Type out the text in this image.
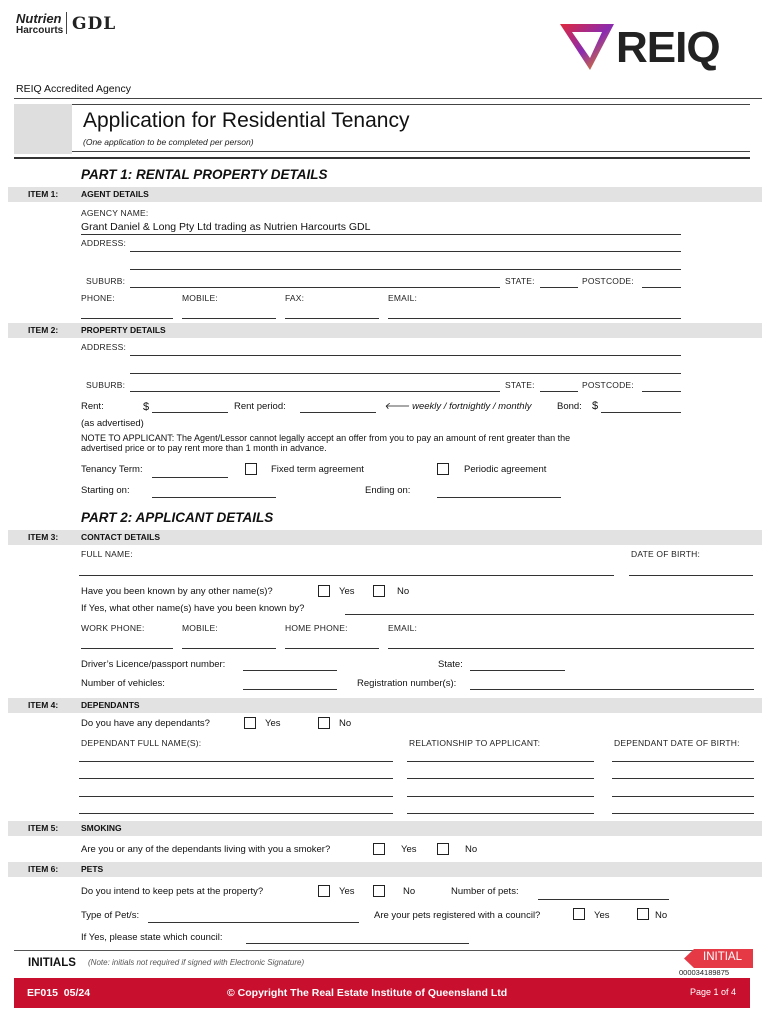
Nutrien
Harcourts GDL	REIQ
REIQ Accredited Agency
Application for Residential Tenancy
(One application to be completed per person)
PART 1: RENTAL PROPERTY DETAILS
ITEM 1:	AGENT DETAILS
AGENCY NAME:
Grant Daniel & Long Pty Ltd trading as Nutrien Harcourts GDL
ADDRESS:
SUBURB:	STATE:	POSTCODE:
PHONE:	MOBILE:	FAX:	EMAIL:
ITEM 2:	PROPERTY DETAILS
ADDRESS:
SUBURB:	STATE:	POSTCODE:
Rent:	$	Rent period:	🡐 weekly / fortnightly / monthly	Bond: $
(as advertised)
NOTE TO APPLICANT: The Agent/Lessor cannot legally accept an offer from you to pay an amount of rent greater than the
advertised price or to pay rent more than 1 month in advance.
Tenancy Term:	Fixed term agreement	Periodic agreement
Starting on:	Ending on:
PART 2: APPLICANT DETAILS
ITEM 3:	CONTACT DETAILS
FULL NAME:	DATE OF BIRTH:
Have you been known by any other name(s)?	Yes	No
If Yes, what other name(s) have you been known by?
WORK PHONE:	MOBILE:	HOME PHONE:	EMAIL:
Driver’s Licence/passport number:	State:
Number of vehicles:	Registration number(s):
ITEM 4:	DEPENDANTS
Do you have any dependants?	Yes	No
DEPENDANT FULL NAME(S):	RELATIONSHIP TO APPLICANT:	DEPENDANT DATE OF BIRTH:
ITEM 5:	SMOKING
Are you or any of the dependants living with you a smoker?	Yes	No
ITEM 6:	PETS
Do you intend to keep pets at the property?	Yes	No	Number of pets:
Type of Pet/s:	Are your pets registered with a council?	Yes	No
If Yes, please state which council:
INITIALS (Note: initials not required if signed with Electronic Signature)	INITIAL
000034189875
EF015  05/24	© Copyright The Real Estate Institute of Queensland Ltd	Page 1 of 4
